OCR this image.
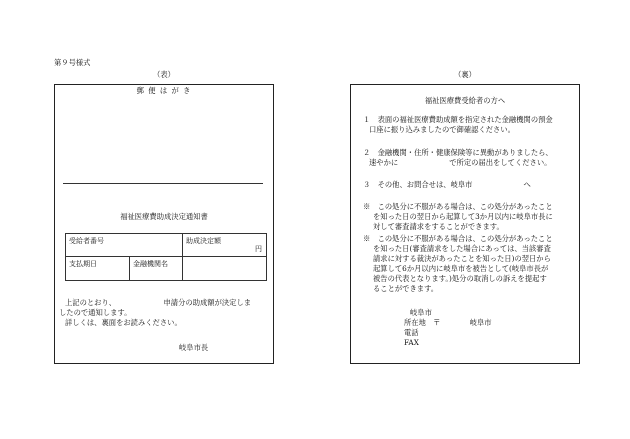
第９号様式
（表）
郵 便 は が き
福祉医療費助成決定通知書
受給者番号	助成決定額
円

支払期日 金融機関名	

上記のとおり、　　　　　　　申請分の助成額が決定しま
したので通知します。
詳しくは、裏面をお読みください。
岐阜市長
（裏）
福祉医療費受給者の方へ
１　表面の福祉医療費助成額を指定された金融機関の預金
口座に振り込みましたので御確認ください。
２　金融機関・住所・健康保険等に異動がありましたら、
速やかに　　　　　　　で所定の届出をしてください。
３　その他、お問合せは、岐阜市　　　　　　　へ
※　この処分に不服がある場合は、この処分があったこと
を知った日の翌日から起算して3か月以内に岐阜市長に
対して審査請求をすることができます。
※　この処分に不服がある場合は、この処分があったこと
を知った日(審査請求をした場合にあっては、当該審査
請求に対する裁決があったことを知った日)の翌日から
起算して6か月以内に岐阜市を被告として(岐阜市長が
被告の代表となります。)処分の取消しの訴えを提起す
ることができます。
岐阜市
所在地　〒　　　　岐阜市
電話
FAX
